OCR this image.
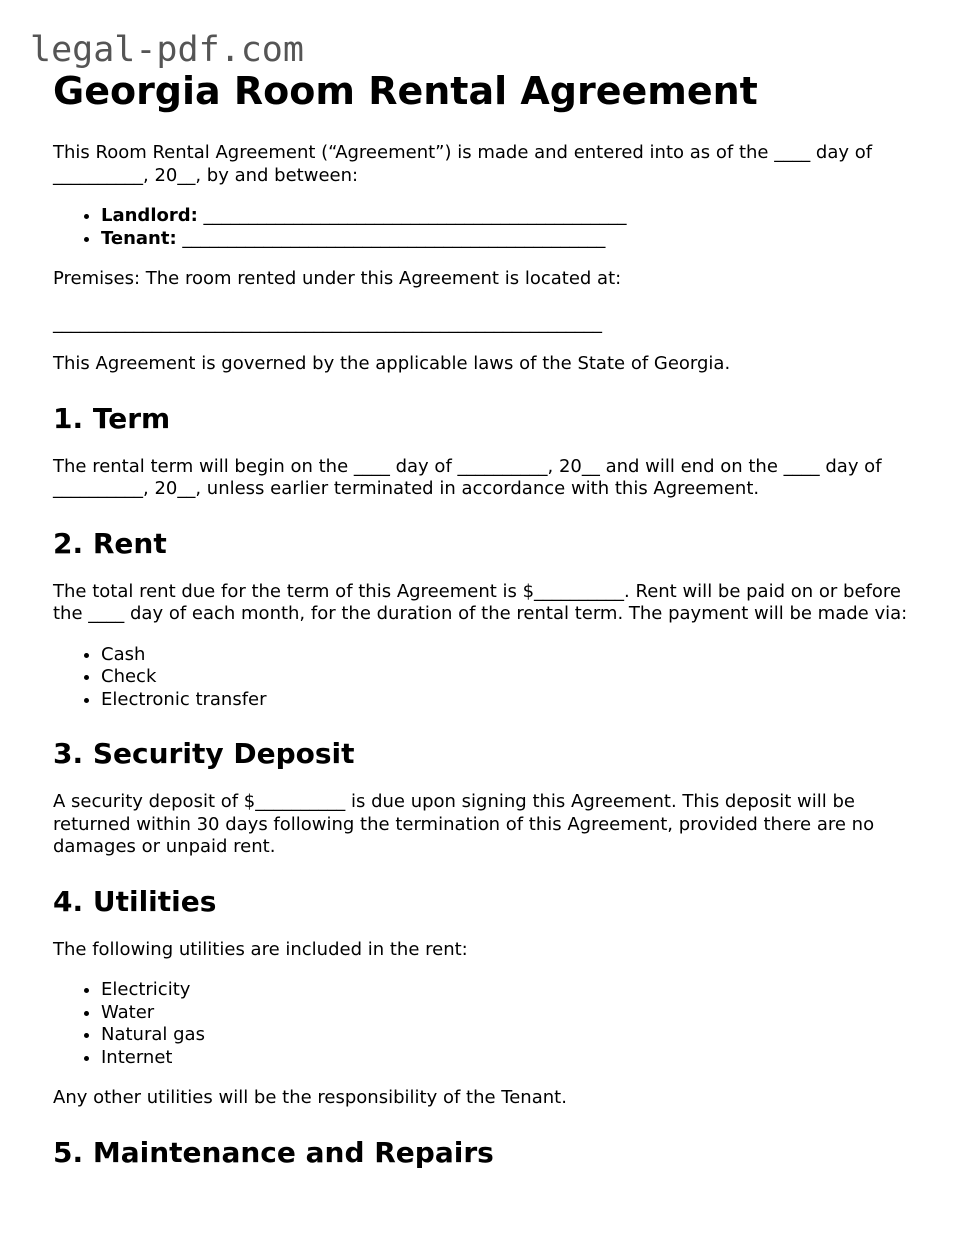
legal-pdf.com
Georgia Room Rental Agreement

This Room Rental Agreement (“Agreement”) is made and entered into as of the ____ day of __________, 20__, by and between:

• Landlord: _______________________________________________
• Tenant: _______________________________________________

Premises: The room rented under this Agreement is located at:

_____________________________________________________________

This Agreement is governed by the applicable laws of the State of Georgia.

1. Term

The rental term will begin on the ____ day of __________, 20__ and will end on the ____ day of __________, 20__, unless earlier terminated in accordance with this Agreement.

2. Rent

The total rent due for the term of this Agreement is $__________. Rent will be paid on or before the ____ day of each month, for the duration of the rental term. The payment will be made via:

• Cash
• Check
• Electronic transfer
3. Security Deposit

A security deposit of $__________ is due upon signing this Agreement. This deposit will be returned within 30 days following the termination of this Agreement, provided there are no damages or unpaid rent.

4. Utilities

The following utilities are included in the rent:

• Electricity
• Water
• Natural gas
• Internet

Any other utilities will be the responsibility of the Tenant.

5. Maintenance and Repairs
